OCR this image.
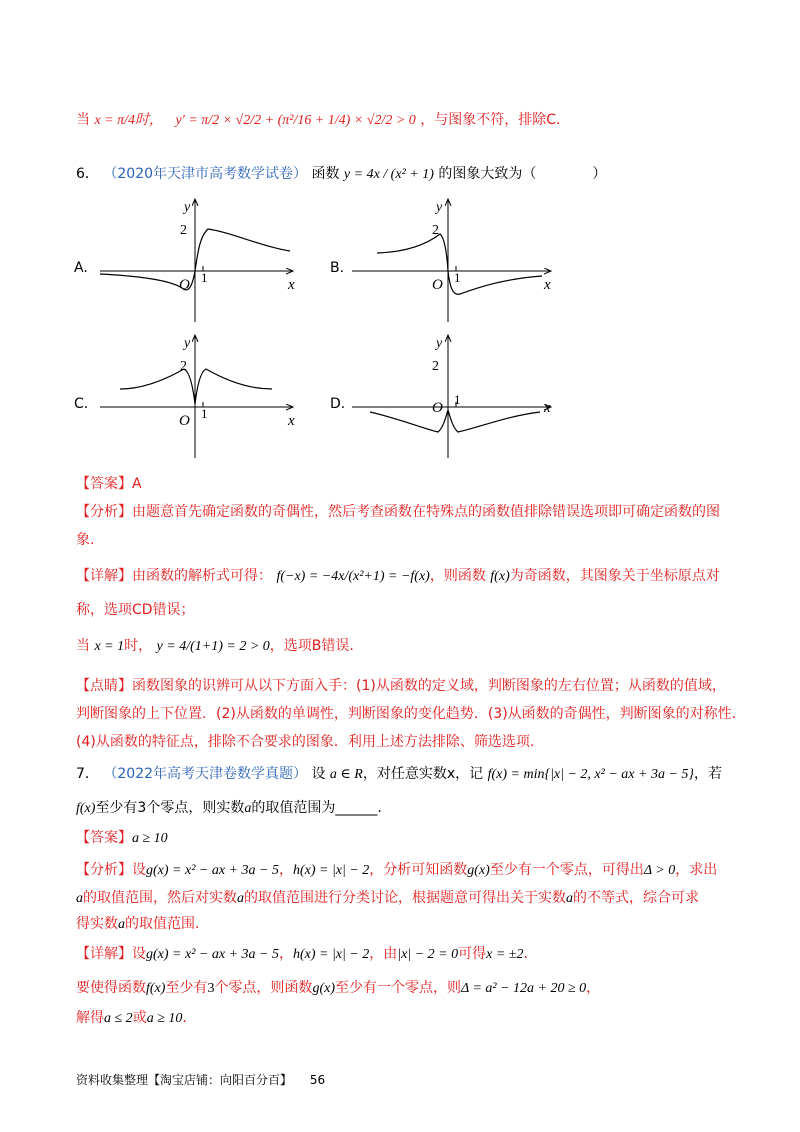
当 x = π/4时， y′ = π/2 × √2/2 + (π²/16 + 1/4) × √2/2 > 0 ，与图象不符，排除C.
6． （2020年天津市高考数学试卷） 函数 y = 4x / (x² + 1) 的图象大致为（　　　　）
A.	B.
C.	D.
y
2
O 1	x
y
2
O 1	x
y
2
O 1	x
y
2
O
1
x
【答案】A
【分析】由题意首先确定函数的奇偶性，然后考查函数在特殊点的函数值排除错误选项即可确定函数的图
象.
【详解】由函数的解析式可得： f(−x) = −4x/(x²+1) = −f(x)，则函数 f(x)为奇函数，其图象关于坐标原点对
称，选项CD错误；
当 x = 1时， y = 4/(1+1) = 2 > 0，选项B错误.
【点睛】函数图象的识辨可从以下方面入手：(1)从函数的定义域，判断图象的左右位置；从函数的值域，
判断图象的上下位置．(2)从函数的单调性，判断图象的变化趋势．(3)从函数的奇偶性，判断图象的对称性．
(4)从函数的特征点，排除不合要求的图象．利用上述方法排除、筛选选项.
7． （2022年高考天津卷数学真题） 设 a ∈ R，对任意实数x，记 f(x) = min{|x| − 2, x² − ax + 3a − 5}，若
f(x)至少有3个零点，则实数a的取值范围为______.
【答案】a ≥ 10
【分析】设g(x) = x² − ax + 3a − 5，h(x) = |x| − 2，分析可知函数g(x)至少有一个零点，可得出Δ > 0，求出
a的取值范围，然后对实数a的取值范围进行分类讨论，根据题意可得出关于实数a的不等式，综合可求
得实数a的取值范围.
【详解】设g(x) = x² − ax + 3a − 5，h(x) = |x| − 2，由|x| − 2 = 0可得x = ±2.
要使得函数f(x)至少有3个零点，则函数g(x)至少有一个零点，则Δ = a² − 12a + 20 ≥ 0，
解得a ≤ 2或a ≥ 10.
资料收集整理【淘宝店铺：向阳百分百】 56
